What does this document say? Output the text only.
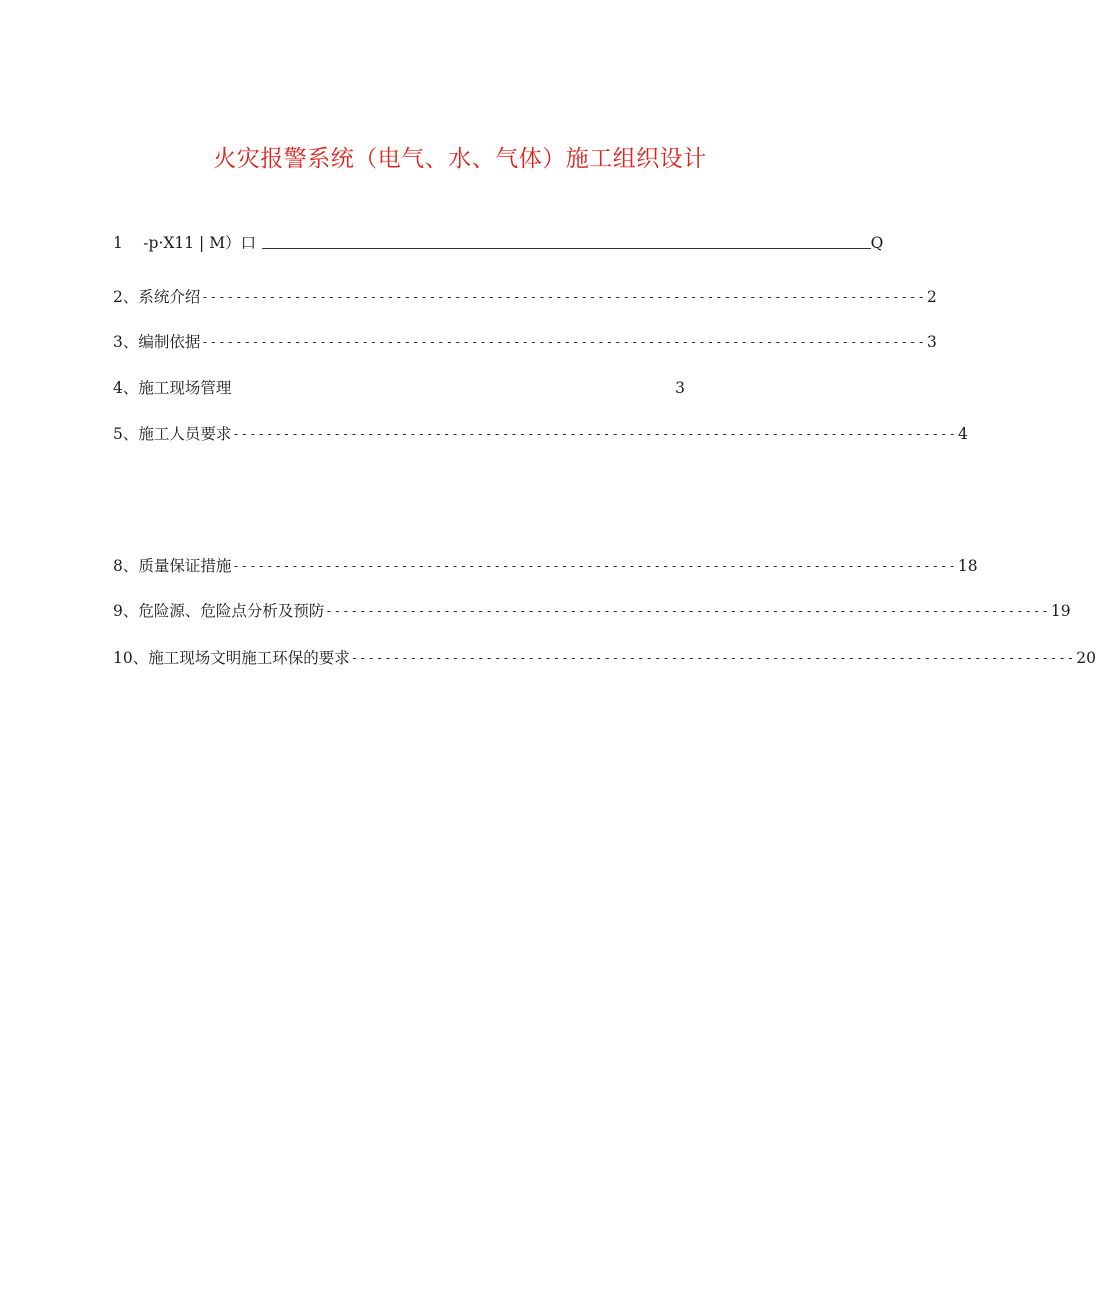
火灾报警系统（电气、水、气体）施工组织设计
1　 -p·X11 | M）口	Q
2、系统介绍 -------------------------------------------------------------------------------------- 2
3、编制依据 -------------------------------------------------------------------------------------- 3
4、施工现场管理	3
5、施工人员要求 -------------------------------------------------------------------------------------- 4
8、质量保证措施 -------------------------------------------------------------------------------------- 18
9、危险源、危险点分析及预防 -------------------------------------------------------------------------------------- 19
10、施工现场文明施工环保的要求 -------------------------------------------------------------------------------------- 20
